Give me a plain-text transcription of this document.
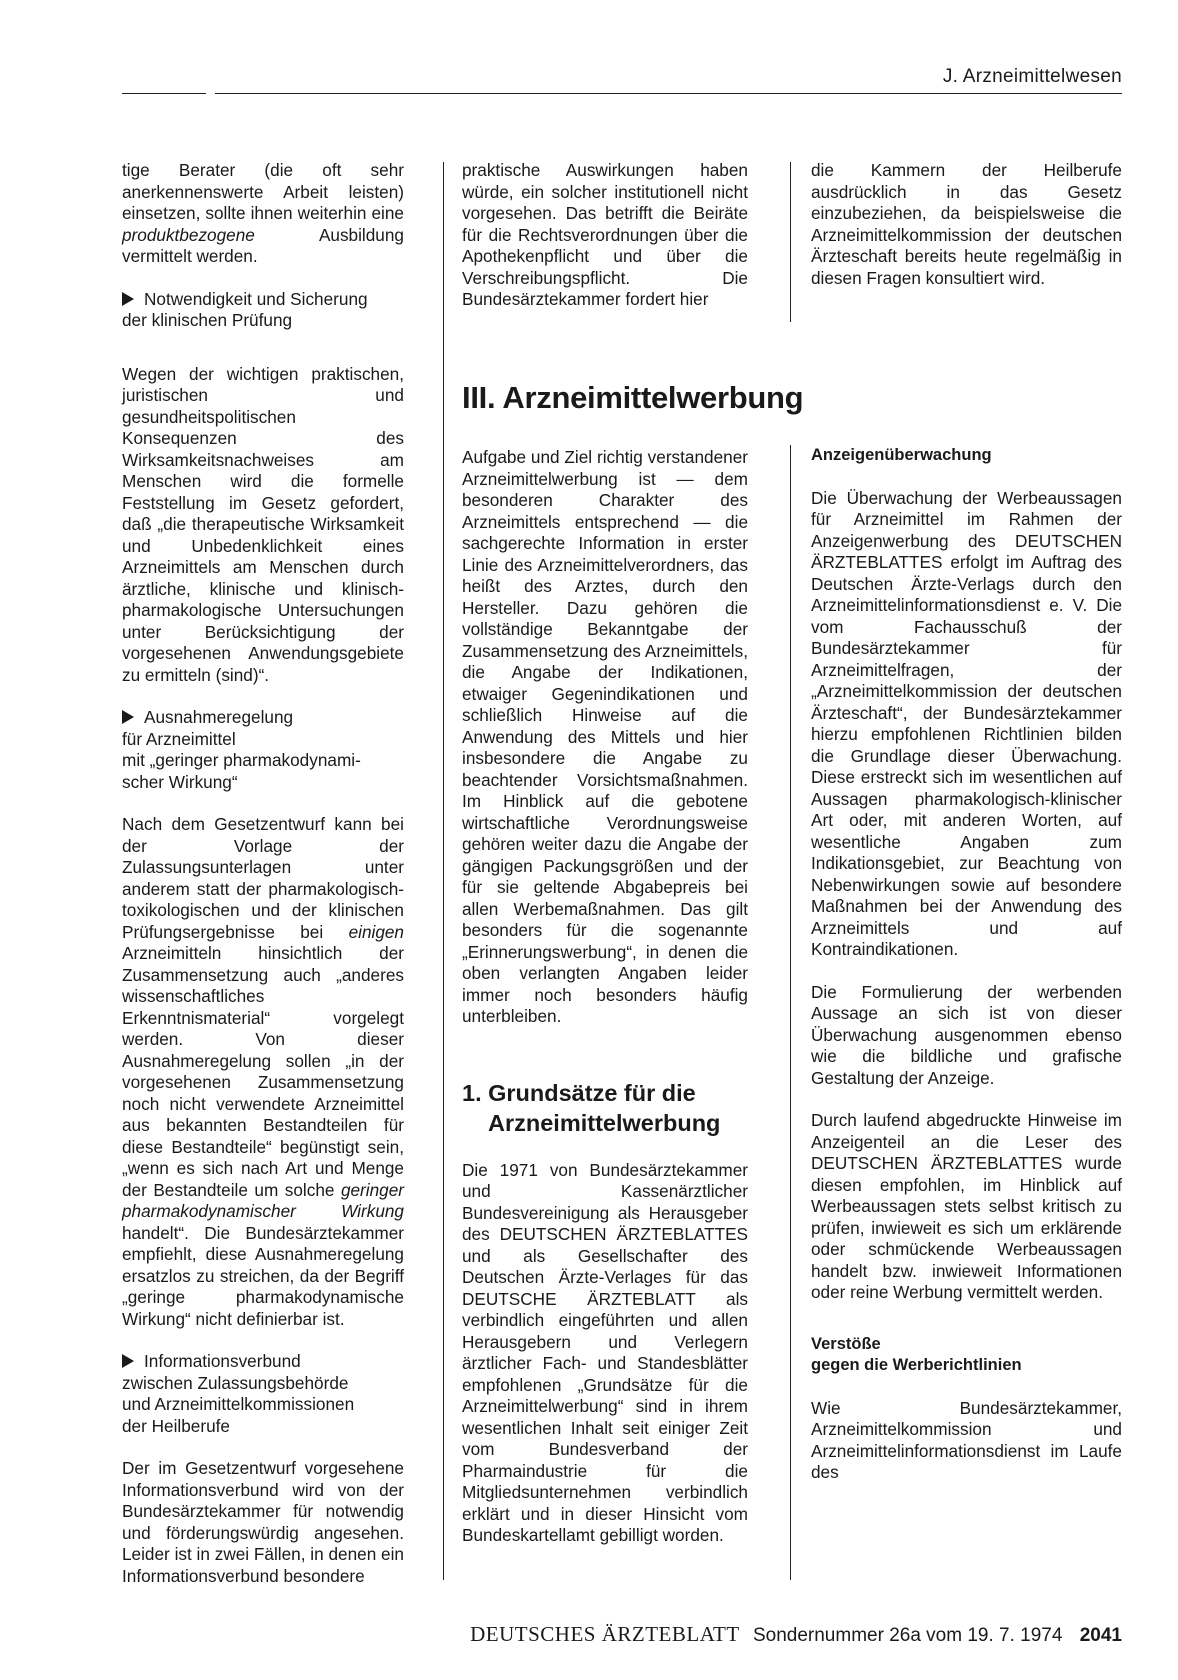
J. Arzneimittelwesen

tige Berater (die oft sehr anerkennenswerte Arbeit leisten) einsetzen, sollte ihnen weiterhin eine produktbezogene	Ausbildung vermittelt werden.

Notwendigkeit und Sicherung
der klinischen Prüfung

Wegen der wichtigen praktischen, juristischen und gesundheitspolitischen Konsequenzen des Wirksamkeitsnachweises am Menschen wird die formelle Feststellung im Gesetz gefordert, daß „die therapeutische Wirksamkeit und Unbedenklichkeit eines Arzneimittels am Menschen durch ärztliche, klinische und klinisch-pharmakologische Untersuchungen unter Berücksichtigung der vorgesehenen Anwendungsgebiete zu ermitteln (sind)“.

Ausnahmeregelung
für Arzneimittel
mit „geringer pharmakodynami-
scher Wirkung“

Nach dem Gesetzentwurf kann bei der Vorlage der Zulassungsunterlagen unter anderem statt der pharmakologisch-toxikologischen und der klinischen Prüfungsergebnisse bei einigen Arzneimitteln hinsichtlich der Zusammensetzung auch „anderes wissenschaftliches Erkenntnismaterial“ vorgelegt werden. Von dieser Ausnahmeregelung sollen „in der vorgesehenen Zusammensetzung noch nicht verwendete Arzneimittel aus bekannten Bestandteilen für diese Bestandteile“ begünstigt sein, „wenn es sich nach Art und Menge der Bestandteile um solche geringer pharmakodynamischer Wirkung handelt“. Die Bundesärztekammer empfiehlt, diese Ausnahmeregelung ersatzlos zu streichen, da der Begriff „geringe pharmakodynamische Wirkung“ nicht definierbar ist.

Informationsverbund
zwischen Zulassungsbehörde
und Arzneimittelkommissionen
der Heilberufe

Der im Gesetzentwurf vorgesehene Informationsverbund wird von der Bundesärztekammer für notwendig und förderungswürdig angesehen. Leider ist in zwei Fällen, in denen ein Informationsverbund besondere

praktische Auswirkungen haben würde, ein solcher institutionell nicht vorgesehen. Das betrifft die Beiräte für die Rechtsverordnungen über die Apothekenpflicht und über die Verschreibungspflicht. Die Bundesärztekammer fordert hier

die Kammern der Heilberufe ausdrücklich in das Gesetz einzubeziehen, da beispielsweise die Arzneimittelkommission der deutschen Ärzteschaft bereits heute regelmäßig in diesen Fragen konsultiert wird.

III. Arzneimittelwerbung

Aufgabe und Ziel richtig verstandener Arzneimittelwerbung ist — dem besonderen Charakter des Arzneimittels entsprechend — die sachgerechte Information in erster Linie des Arzneimittelverordners, das heißt des Arztes, durch den Hersteller. Dazu gehören die vollständige Bekanntgabe der Zusammensetzung des Arzneimittels, die Angabe der Indikationen, etwaiger Gegenindikationen und schließlich Hinweise auf die Anwendung des Mittels und hier insbesondere die Angabe zu beachtender Vorsichtsmaßnahmen. Im Hinblick auf die gebotene wirtschaftliche Verordnungsweise gehören weiter dazu die Angabe der gängigen Packungsgrößen und der für sie geltende Abgabepreis bei allen Werbemaßnahmen. Das gilt besonders für die sogenannte „Erinnerungswerbung“, in denen die oben verlangten Angaben leider immer noch besonders häufig unterbleiben.

1. Grundsätze für die
Arzneimittelwerbung

Die 1971 von Bundesärztekammer und Kassenärztlicher Bundesvereinigung als Herausgeber des DEUTSCHEN ÄRZTEBLATTES und als Gesellschafter des Deutschen Ärzte-Verlages für das DEUTSCHE ÄRZTEBLATT als verbindlich eingeführten und allen Herausgebern und Verlegern ärztlicher Fach- und Standesblätter empfohlenen „Grundsätze für die Arzneimittelwerbung“ sind in ihrem wesentlichen Inhalt seit einiger Zeit vom Bundesverband der Pharmaindustrie für die Mitgliedsunternehmen verbindlich erklärt und in dieser Hinsicht vom Bundeskartellamt gebilligt worden.

Anzeigenüberwachung

Die Überwachung der Werbeaussagen für Arzneimittel im Rahmen der Anzeigenwerbung des DEUTSCHEN ÄRZTEBLATTES erfolgt im Auftrag des Deutschen Ärzte-Verlags durch den Arzneimittelinformationsdienst e. V. Die vom Fachausschuß der Bundesärztekammer für Arzneimittelfragen, der „Arzneimittelkommission der deutschen Ärzteschaft“, der Bundesärztekammer hierzu empfohlenen Richtlinien bilden die Grundlage dieser Überwachung. Diese erstreckt sich im wesentlichen auf Aussagen pharmakologisch-klinischer Art oder, mit anderen Worten, auf wesentliche Angaben zum Indikationsgebiet, zur Beachtung von Nebenwirkungen sowie auf besondere Maßnahmen bei der Anwendung des Arzneimittels und auf Kontraindikationen.

Die Formulierung der werbenden Aussage an sich ist von dieser Überwachung ausgenommen ebenso wie die bildliche und grafische Gestaltung der Anzeige.

Durch laufend abgedruckte Hinweise im Anzeigenteil an die Leser des DEUTSCHEN ÄRZTEBLATTES wurde diesen empfohlen, im Hinblick auf Werbeaussagen stets selbst kritisch zu prüfen, inwieweit es sich um erklärende oder schmückende Werbeaussagen handelt bzw. inwieweit Informationen oder reine Werbung vermittelt werden.

Verstöße
gegen die Werberichtlinien

Wie Bundesärztekammer, Arzneimittelkommission und Arzneimittelinformationsdienst im Laufe des

DEUTSCHES ÄRZTEBLATT Sondernummer 26a vom 19. 7. 1974 2041
